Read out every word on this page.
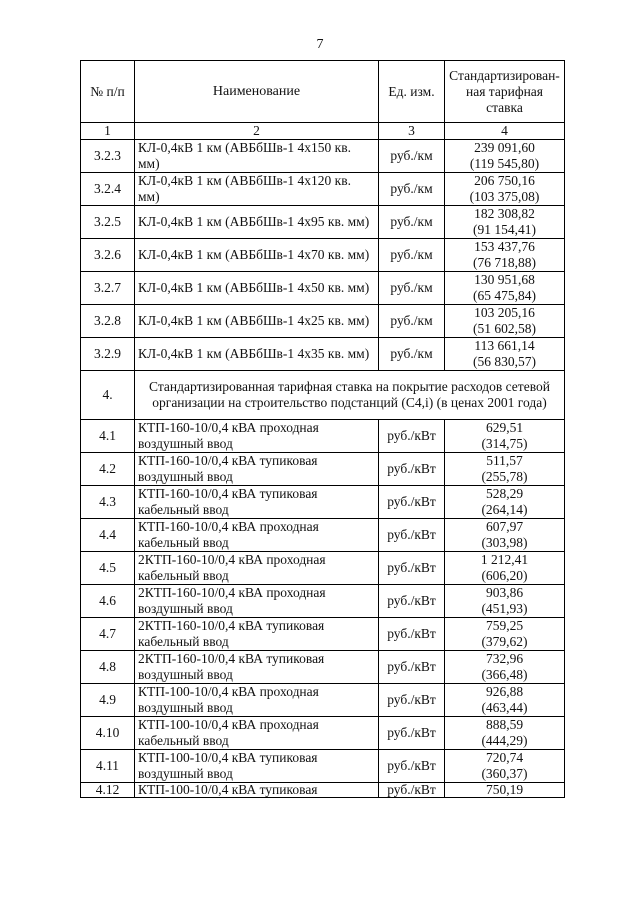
7
№ п/п	Наименование	Ед. изм.	Стандартизирован-ная тарифная ставка
1	2	3	4
3.2.3	КЛ-0,4кВ 1 км (АВБбШв-1 4х150 кв. мм)	руб./км	239 091,60
(119 545,80)

3.2.4	КЛ-0,4кВ 1 км (АВБбШв-1 4х120 кв. мм)	руб./км	206 750,16
(103 375,08)

3.2.5	КЛ-0,4кВ 1 км (АВБбШв-1 4х95 кв. мм)	руб./км	182 308,82
(91 154,41)

3.2.6	КЛ-0,4кВ 1 км (АВБбШв-1 4х70 кв. мм)	руб./км	153 437,76
(76 718,88)

3.2.7	КЛ-0,4кВ 1 км (АВБбШв-1 4х50 кв. мм)	руб./км	130 951,68
(65 475,84)

3.2.8	КЛ-0,4кВ 1 км (АВБбШв-1 4х25 кв. мм)	руб./км	103 205,16
(51 602,58)

3.2.9	КЛ-0,4кВ 1 км (АВБбШв-1 4х35 кв. мм)	руб./км	113 661,14
(56 830,57)

4.	Стандартизированная тарифная ставка на покрытие расходов сетевой организации на строительство подстанций (С4,i) (в ценах 2001 года)		
4.1	КТП-160-10/0,4 кВА проходная воздушный ввод	руб./кВт	629,51
(314,75)

4.2	КТП-160-10/0,4 кВА тупиковая воздушный ввод	руб./кВт	511,57
(255,78)

4.3	КТП-160-10/0,4 кВА тупиковая кабельный ввод	руб./кВт	528,29
(264,14)

4.4	КТП-160-10/0,4 кВА проходная кабельный ввод	руб./кВт	607,97
(303,98)

4.5	2КТП-160-10/0,4 кВА проходная кабельный ввод	руб./кВт	1 212,41
(606,20)

4.6	2КТП-160-10/0,4 кВА проходная воздушный ввод	руб./кВт	903,86
(451,93)

4.7	2КТП-160-10/0,4 кВА тупиковая кабельный ввод	руб./кВт	759,25
(379,62)

4.8	2КТП-160-10/0,4 кВА тупиковая воздушный ввод	руб./кВт	732,96
(366,48)

4.9	КТП-100-10/0,4 кВА проходная воздушный ввод	руб./кВт	926,88
(463,44)

4.10	КТП-100-10/0,4 кВА проходная кабельный ввод	руб./кВт	888,59
(444,29)

4.11	КТП-100-10/0,4 кВА тупиковая воздушный ввод	руб./кВт	720,74
(360,37)

4.12	КТП-100-10/0,4 кВА тупиковая	руб./кВт	750,19
